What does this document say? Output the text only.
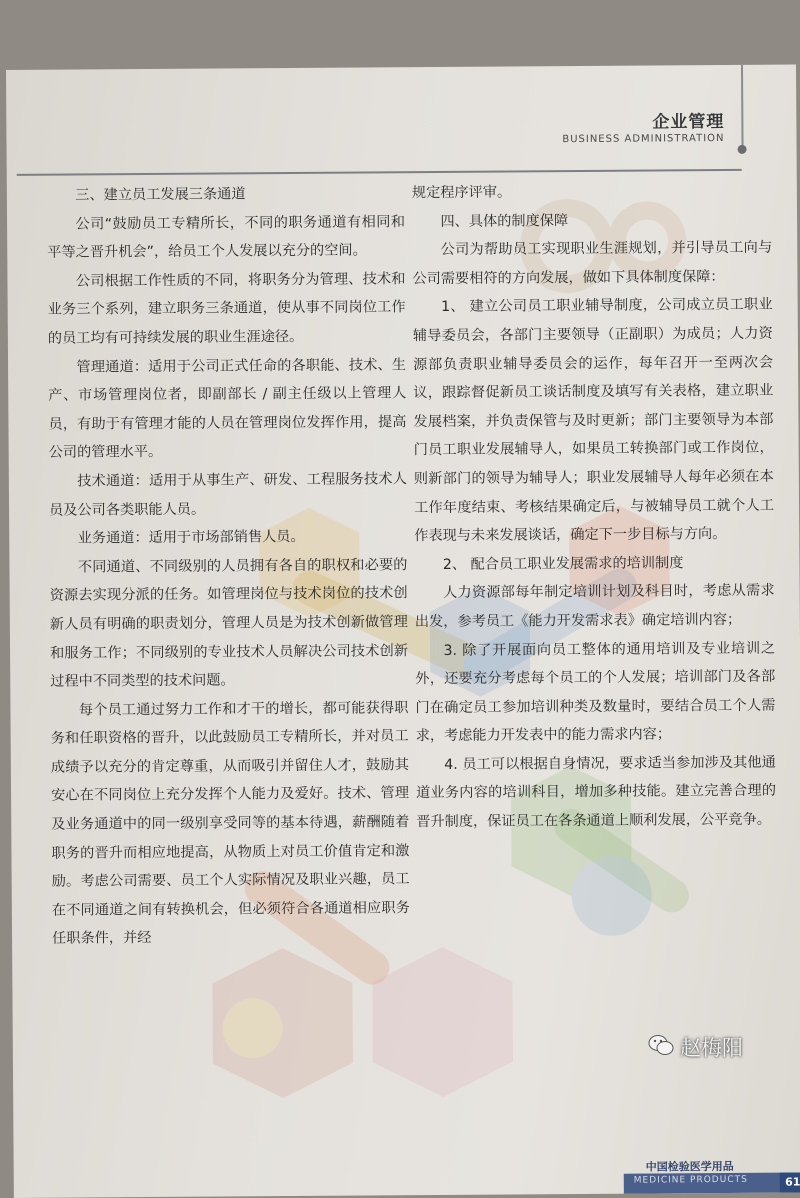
企业管理
BUSINESS ADMINISTRATION

三、建立员工发展三条通道

公司“鼓励员工专精所长，不同的职务通道有相同和平等之晋升机会”，给员工个人发展以充分的空间。

公司根据工作性质的不同，将职务分为管理、技术和业务三个系列，建立职务三条通道，使从事不同岗位工作的员工均有可持续发展的职业生涯途径。

管理通道：适用于公司正式任命的各职能、技术、生产、市场管理岗位者，即副部长 / 副主任级以上管理人员，有助于有管理才能的人员在管理岗位发挥作用，提高公司的管理水平。

技术通道：适用于从事生产、研发、工程服务技术人员及公司各类职能人员。

业务通道：适用于市场部销售人员。

不同通道、不同级别的人员拥有各自的职权和必要的资源去实现分派的任务。如管理岗位与技术岗位的技术创新人员有明确的职责划分，管理人员是为技术创新做管理和服务工作；不同级别的专业技术人员解决公司技术创新过程中不同类型的技术问题。

每个员工通过努力工作和才干的增长，都可能获得职务和任职资格的晋升，以此鼓励员工专精所长，并对员工成绩予以充分的肯定尊重，从而吸引并留住人才，鼓励其安心在不同岗位上充分发挥个人能力及爱好。技术、管理及业务通道中的同一级别享受同等的基本待遇，薪酬随着职务的晋升而相应地提高，从物质上对员工价值肯定和激励。考虑公司需要、员工个人实际情况及职业兴趣，员工在不同通道之间有转换机会，但必须符合各通道相应职务任职条件，并经

规定程序评审。

四、具体的制度保障

公司为帮助员工实现职业生涯规划，并引导员工向与公司需要相符的方向发展，做如下具体制度保障：

1、 建立公司员工职业辅导制度，公司成立员工职业辅导委员会，各部门主要领导（正副职）为成员；人力资源部负责职业辅导委员会的运作，每年召开一至两次会议，跟踪督促新员工谈话制度及填写有关表格，建立职业发展档案，并负责保管与及时更新；部门主要领导为本部门员工职业发展辅导人，如果员工转换部门或工作岗位，则新部门的领导为辅导人；职业发展辅导人每年必须在本工作年度结束、考核结果确定后，与被辅导员工就个人工作表现与未来发展谈话，确定下一步目标与方向。

2、 配合员工职业发展需求的培训制度

人力资源部每年制定培训计划及科目时，考虑从需求出发，参考员工《能力开发需求表》确定培训内容；

3. 除了开展面向员工整体的通用培训及专业培训之外，还要充分考虑每个员工的个人发展；培训部门及各部门在确定员工参加培训种类及数量时，要结合员工个人需求，考虑能力开发表中的能力需求内容；

4. 员工可以根据自身情况，要求适当参加涉及其他通道业务内容的培训科目，增加多种技能。建立完善合理的晋升制度，保证员工在各条通道上顺利发展，公平竞争。

中国检验医学用品
MEDICINE PRODUCTS	61
赵梅阳
